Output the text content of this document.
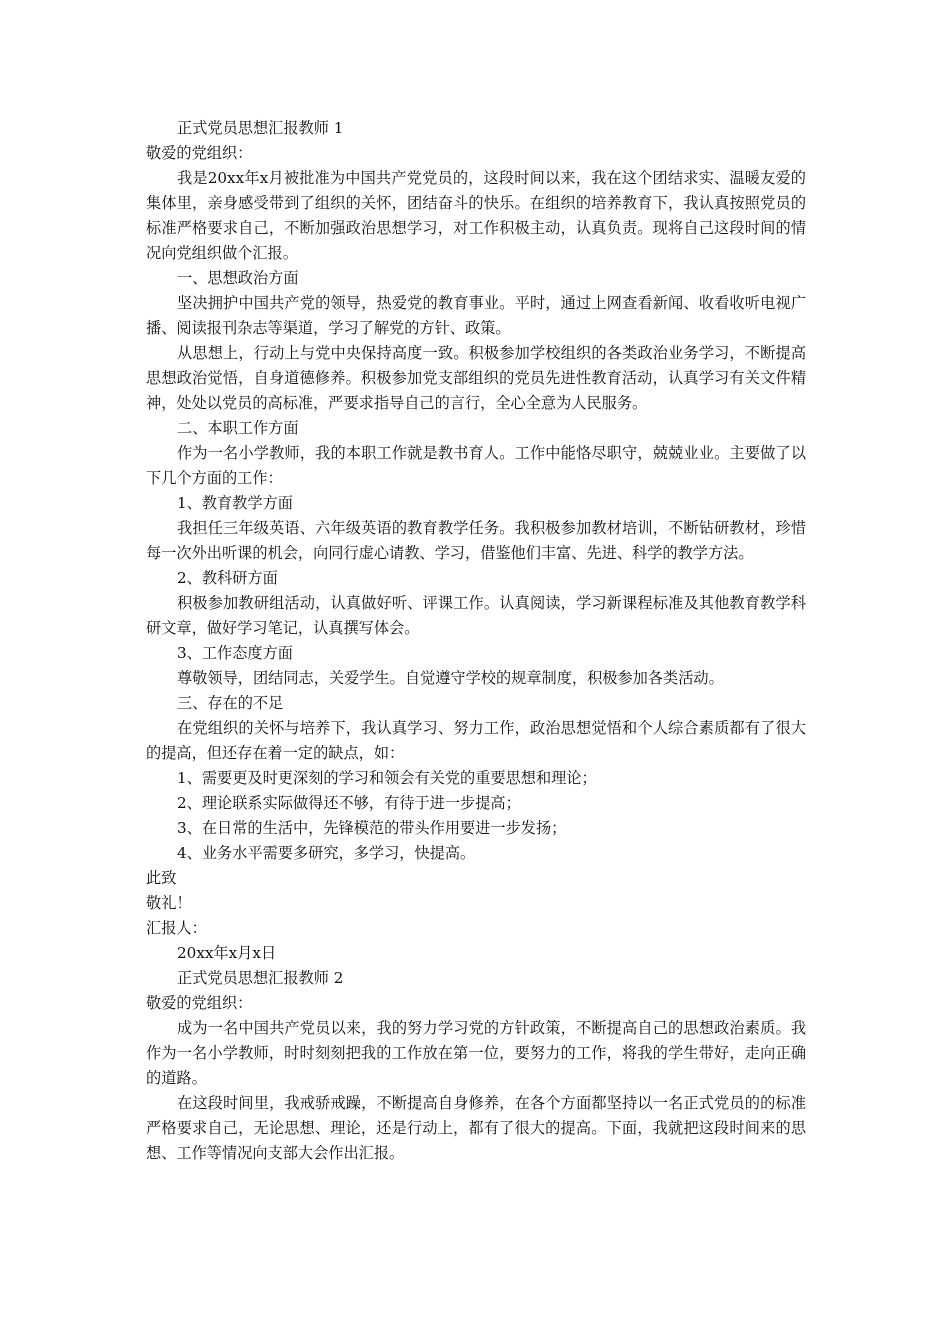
正式党员思想汇报教师 1

敬爱的党组织：

我是20xx年x月被批准为中国共产党党员的，这段时间以来，我在这个团结求实、温暖友爱的集体里，亲身感受带到了组织的关怀，团结奋斗的快乐。在组织的培养教育下，我认真按照党员的标准严格要求自己，不断加强政治思想学习，对工作积极主动，认真负责。现将自己这段时间的情况向党组织做个汇报。

一、思想政治方面

坚决拥护中国共产党的领导，热爱党的教育事业。平时，通过上网查看新闻、收看收听电视广播、阅读报刊杂志等渠道，学习了解党的方针、政策。

从思想上，行动上与党中央保持高度一致。积极参加学校组织的各类政治业务学习，不断提高思想政治觉悟，自身道德修养。积极参加党支部组织的党员先进性教育活动，认真学习有关文件精神，处处以党员的高标准，严要求指导自己的言行，全心全意为人民服务。

二、本职工作方面

作为一名小学教师，我的本职工作就是教书育人。工作中能恪尽职守，兢兢业业。主要做了以下几个方面的工作：

1、教育教学方面

我担任三年级英语、六年级英语的教育教学任务。我积极参加教材培训，不断钻研教材，珍惜每一次外出听课的机会，向同行虚心请教、学习，借鉴他们丰富、先进、科学的教学方法。

2、教科研方面

积极参加教研组活动，认真做好听、评课工作。认真阅读，学习新课程标准及其他教育教学科研文章，做好学习笔记，认真撰写体会。

3、工作态度方面

尊敬领导，团结同志，关爱学生。自觉遵守学校的规章制度，积极参加各类活动。

三、存在的不足

在党组织的关怀与培养下，我认真学习、努力工作，政治思想觉悟和个人综合素质都有了很大的提高，但还存在着一定的缺点，如：

1、需要更及时更深刻的学习和领会有关党的重要思想和理论；

2、理论联系实际做得还不够，有待于进一步提高；

3、在日常的生活中，先锋模范的带头作用要进一步发扬；

4、业务水平需要多研究，多学习，快提高。

此致

敬礼！

汇报人：

20xx年x月x日

正式党员思想汇报教师 2

敬爱的党组织：

成为一名中国共产党员以来，我的努力学习党的方针政策，不断提高自己的思想政治素质。我作为一名小学教师，时时刻刻把我的工作放在第一位，要努力的工作，将我的学生带好，走向正确的道路。

在这段时间里，我戒骄戒躁，不断提高自身修养，在各个方面都坚持以一名正式党员的的标准严格要求自己，无论思想、理论，还是行动上，都有了很大的提高。下面，我就把这段时间来的思想、工作等情况向支部大会作出汇报。
